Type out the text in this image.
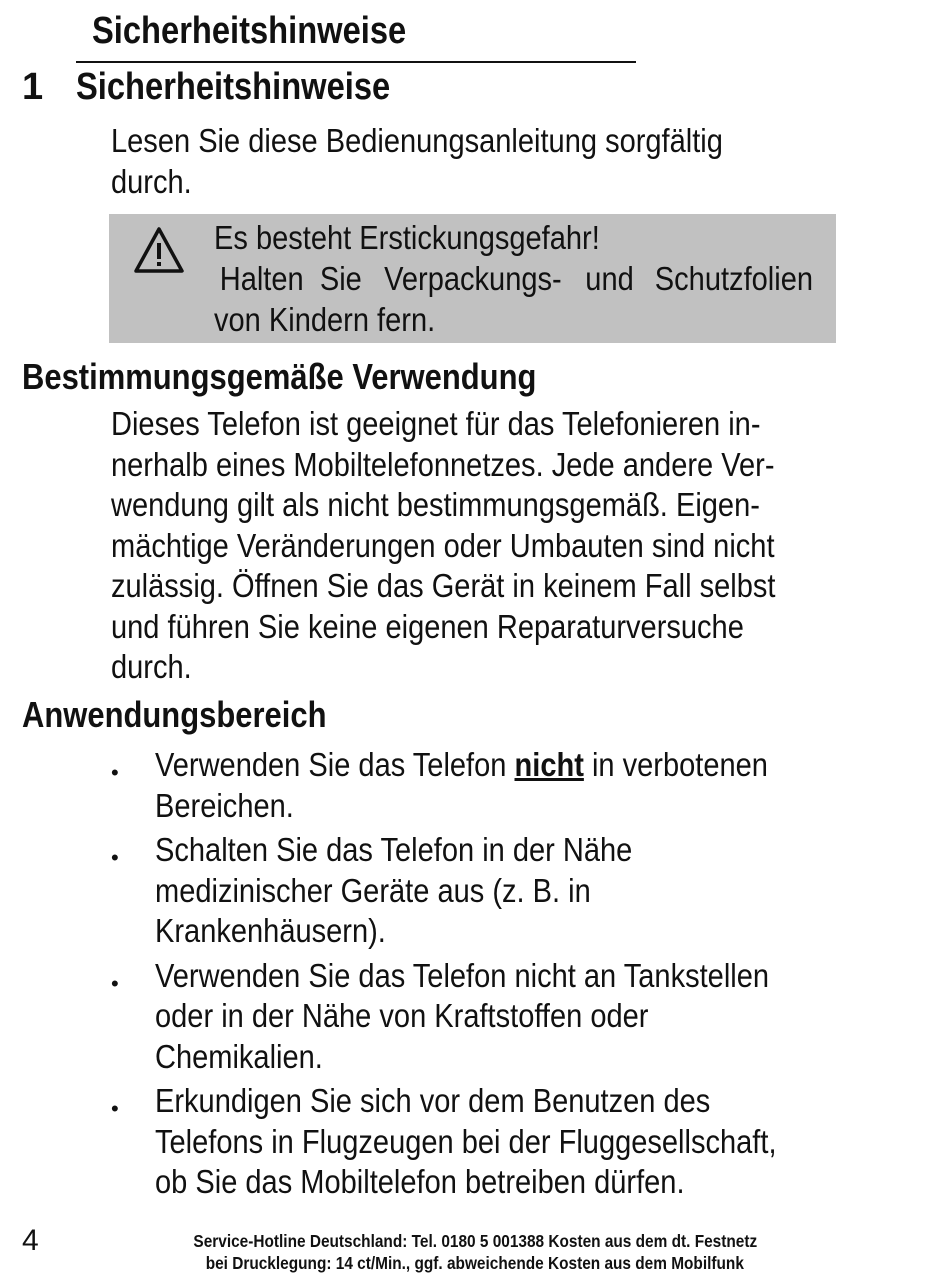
Sicherheitshinweise
1 Sicherheitshinweise
Lesen Sie diese Bedienungsanleitung sorgfältig
durch.
Es besteht Erstickungsgefahr!
Halten Sie Verpackungs- und Schutzfolien
von Kindern fern.
Bestimmungsgemäße Verwendung
Dieses Telefon ist geeignet für das Telefonieren in-
nerhalb eines Mobiltelefonnetzes. Jede andere Ver-
wendung gilt als nicht bestimmungsgemäß. Eigen-
mächtige Veränderungen oder Umbauten sind nicht
zulässig. Öffnen Sie das Gerät in keinem Fall selbst
und führen Sie keine eigenen Reparaturversuche
durch.
Anwendungsbereich
• Verwenden Sie das Telefon nicht in verbotenen
Bereichen.
• Schalten Sie das Telefon in der Nähe
medizinischer Geräte aus (z. B. in
Krankenhäusern).
• Verwenden Sie das Telefon nicht an Tankstellen
oder in der Nähe von Kraftstoffen oder
Chemikalien.
• Erkundigen Sie sich vor dem Benutzen des
Telefons in Flugzeugen bei der Fluggesellschaft,
ob Sie das Mobiltelefon betreiben dürfen.
4	Service-Hotline Deutschland: Tel. 0180 5 001388 Kosten aus dem dt. Festnetz
bei Drucklegung: 14 ct/Min., ggf. abweichende Kosten aus dem Mobilfunk
